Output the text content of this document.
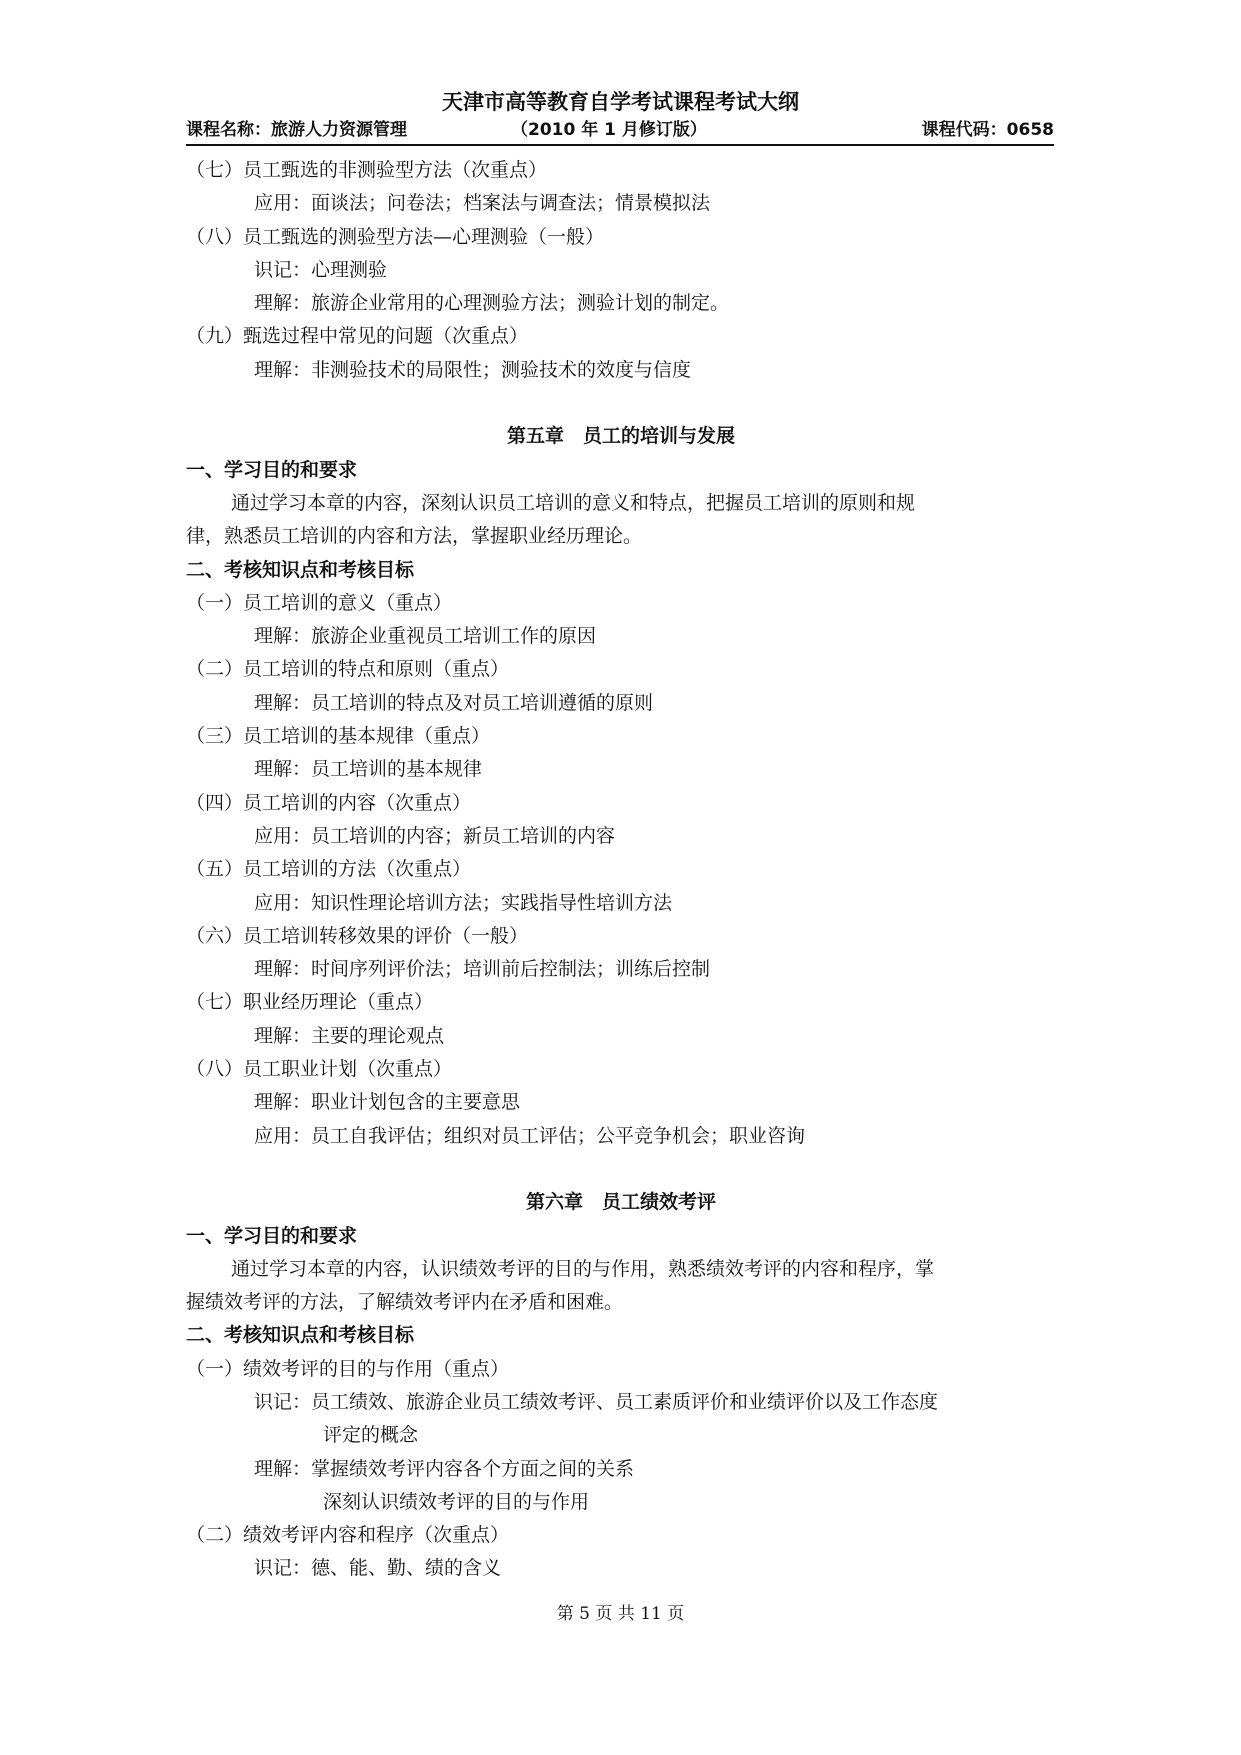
天津市高等教育自学考试课程考试大纲
课程名称：旅游人力资源管理	（2010 年 1 月修订版）	课程代码：0658
（七）员工甄选的非测验型方法（次重点）
应用：面谈法；问卷法；档案法与调查法；情景模拟法
（八）员工甄选的测验型方法—心理测验（一般）
识记：心理测验
理解：旅游企业常用的心理测验方法；测验计划的制定。
（九）甄选过程中常见的问题（次重点）
理解：非测验技术的局限性；测验技术的效度与信度
第五章　员工的培训与发展
一、学习目的和要求
通过学习本章的内容，深刻认识员工培训的意义和特点，把握员工培训的原则和规
律，熟悉员工培训的内容和方法，掌握职业经历理论。
二、考核知识点和考核目标
（一）员工培训的意义（重点）
理解：旅游企业重视员工培训工作的原因
（二）员工培训的特点和原则（重点）
理解：员工培训的特点及对员工培训遵循的原则
（三）员工培训的基本规律（重点）
理解：员工培训的基本规律
（四）员工培训的内容（次重点）
应用：员工培训的内容；新员工培训的内容
（五）员工培训的方法（次重点）
应用：知识性理论培训方法；实践指导性培训方法
（六）员工培训转移效果的评价（一般）
理解：时间序列评价法；培训前后控制法；训练后控制
（七）职业经历理论（重点）
理解：主要的理论观点
（八）员工职业计划（次重点）
理解：职业计划包含的主要意思
应用：员工自我评估；组织对员工评估；公平竞争机会；职业咨询
第六章　员工绩效考评
一、学习目的和要求
通过学习本章的内容，认识绩效考评的目的与作用，熟悉绩效考评的内容和程序，掌
握绩效考评的方法，了解绩效考评内在矛盾和困难。
二、考核知识点和考核目标
（一）绩效考评的目的与作用（重点）
识记：员工绩效、旅游企业员工绩效考评、员工素质评价和业绩评价以及工作态度
评定的概念
理解：掌握绩效考评内容各个方面之间的关系
深刻认识绩效考评的目的与作用
（二）绩效考评内容和程序（次重点）
识记：德、能、勤、绩的含义
第 5 页 共 11 页
